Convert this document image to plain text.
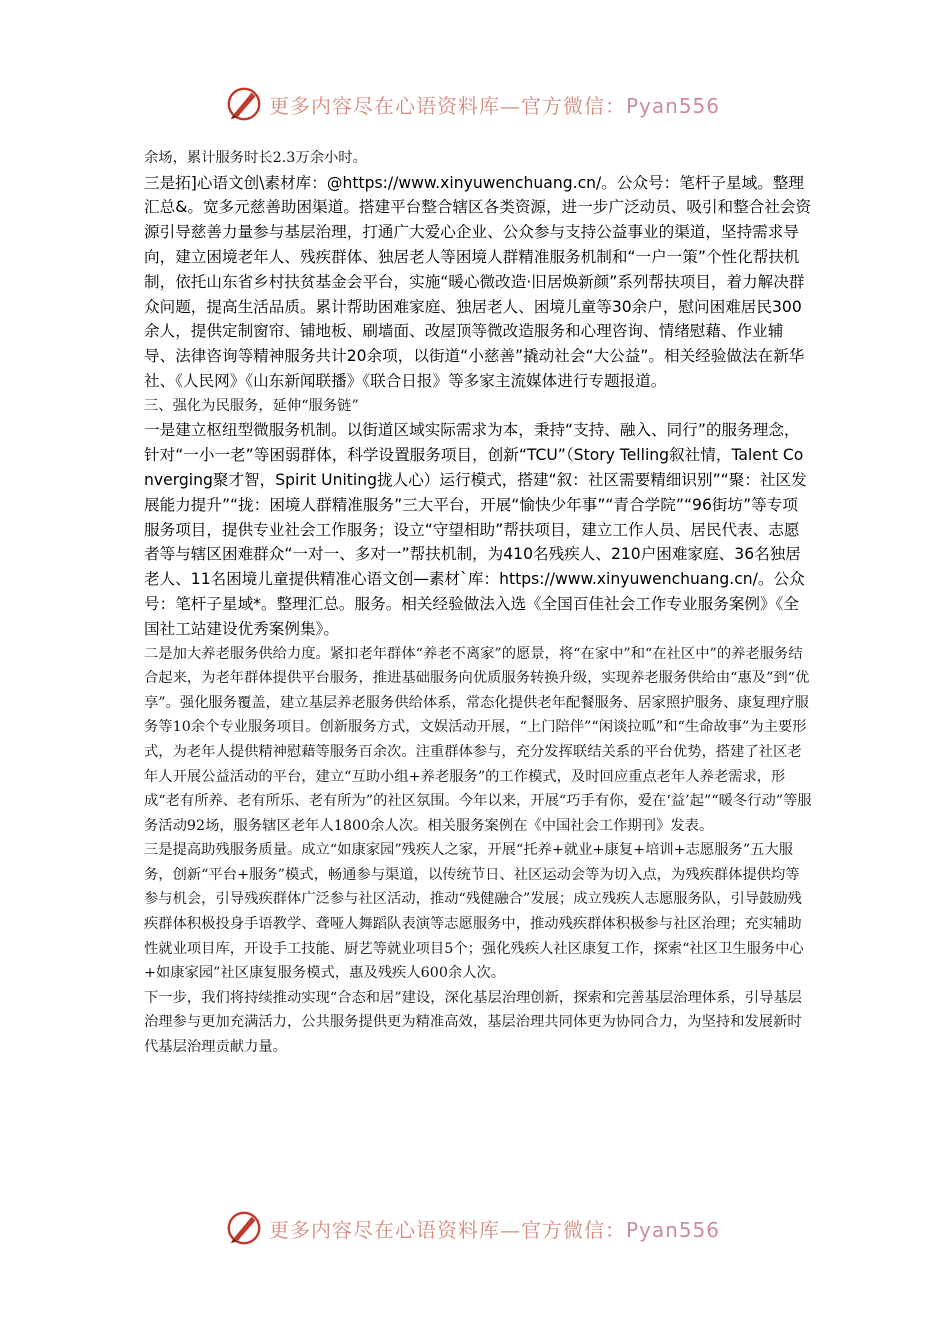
更多内容尽在心语资料库—官方微信：Pyan556

余场，累计服务时长2.3万余小时。

三是拓]心语文创\素材库：@https://www.xinyuwenchuang.cn/。公众号：笔杆子星域。整理汇总&。宽多元慈善助困渠道。搭建平台整合辖区各类资源，进一步广泛动员、吸引和整合社会资源引导慈善力量参与基层治理，打通广大爱心企业、公众参与支持公益事业的渠道，坚持需求导向，建立困境老年人、残疾群体、独居老人等困境人群精准服务机制和“一户一策”个性化帮扶机制，依托山东省乡村扶贫基金会平台，实施“暖心微改造·旧居焕新颜”系列帮扶项目，着力解决群众问题，提高生活品质。累计帮助困难家庭、独居老人、困境儿童等30余户，慰问困难居民300余人，提供定制窗帘、铺地板、刷墙面、改屋顶等微改造服务和心理咨询、情绪慰藉、作业辅导、法律咨询等精神服务共计20余项，以街道“小慈善”撬动社会“大公益”。相关经验做法在新华社、《人民网》《山东新闻联播》《联合日报》等多家主流媒体进行专题报道。

三、强化为民服务，延伸“服务链”

一是建立枢纽型微服务机制。以街道区域实际需求为本，秉持“支持、融入、同行”的服务理念，针对“一小一老”等困弱群体，科学设置服务项目，创新“TCU”（Story Telling叙社情，Talent Converging聚才智，Spirit Uniting拢人心）运行模式，搭建“叙：社区需要精细识别”“聚：社区发展能力提升”“拢：困境人群精准服务”三大平台，开展“愉快少年事”“青合学院”“96街坊”等专项服务项目，提供专业社会工作服务；设立“守望相助”帮扶项目，建立工作人员、居民代表、志愿者等与辖区困难群众“一对一、多对一”帮扶机制，为410名残疾人、210户困难家庭、36名独居老人、11名困境儿童提供精准心语文创—素材`库：https://www.xinyuwenchuang.cn/。公众号：笔杆子星域*。整理汇总。服务。相关经验做法入选《全国百佳社会工作专业服务案例》《全国社工站建设优秀案例集》。

二是加大养老服务供给力度。紧扣老年群体“养老不离家”的愿景，将“在家中”和“在社区中”的养老服务结合起来，为老年群体提供平台服务，推进基础服务向优质服务转换升级，实现养老服务供给由“惠及”到“优享”。强化服务覆盖，建立基层养老服务供给体系，常态化提供老年配餐服务、居家照护服务、康复理疗服务等10余个专业服务项目。创新服务方式，文娱活动开展，“上门陪伴”“闲谈拉呱”和“生命故事”为主要形式，为老年人提供精神慰藉等服务百余次。注重群体参与，充分发挥联结关系的平台优势，搭建了社区老年人开展公益活动的平台，建立“互助小组+养老服务”的工作模式，及时回应重点老年人养老需求，形成“老有所养、老有所乐、老有所为”的社区氛围。今年以来，开展“巧手有你，爱在‘益’起”“暖冬行动”等服务活动92场，服务辖区老年人1800余人次。相关服务案例在《中国社会工作期刊》发表。

三是提高助残服务质量。成立“如康家园”残疾人之家，开展“托养+就业+康复+培训+志愿服务”五大服务，创新“平台+服务”模式，畅通参与渠道，以传统节日、社区运动会等为切入点，为残疾群体提供均等参与机会，引导残疾群体广泛参与社区活动，推动“残健融合”发展；成立残疾人志愿服务队，引导鼓励残疾群体积极投身手语教学、聋哑人舞蹈队表演等志愿服务中，推动残疾群体积极参与社区治理；充实辅助性就业项目库，开设手工技能、厨艺等就业项目5个；强化残疾人社区康复工作，探索“社区卫生服务中心+如康家园”社区康复服务模式，惠及残疾人600余人次。

下一步，我们将持续推动实现“合态和居”建设，深化基层治理创新，探索和完善基层治理体系，引导基层治理参与更加充满活力，公共服务提供更为精准高效，基层治理共同体更为协同合力，为坚持和发展新时代基层治理贡献力量。

更多内容尽在心语资料库—官方微信：Pyan556
